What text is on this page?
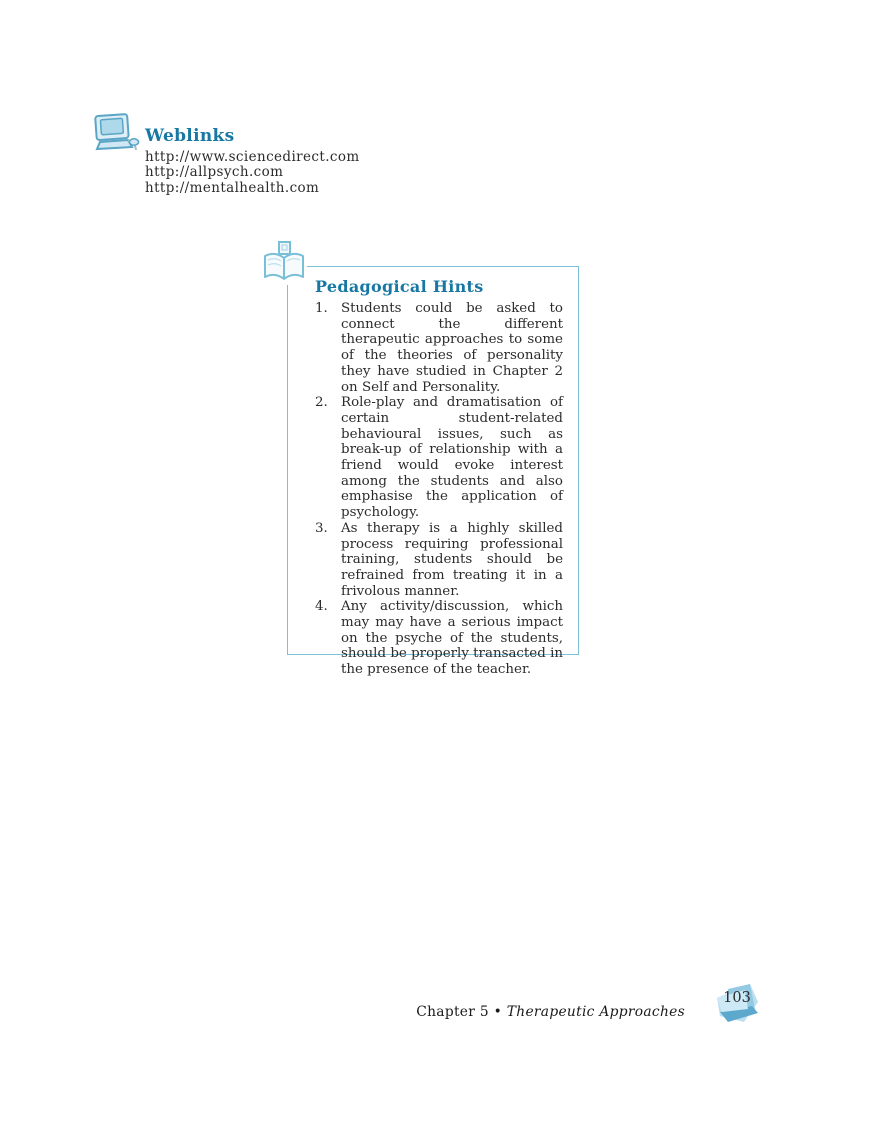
Weblinks
http://www.sciencedirect.com
http://allpsych.com
http://mentalhealth.com
Pedagogical Hints
1. Students could be asked to connect the different therapeutic approaches to some of the theories of personality they have studied in Chapter 2 on Self and Personality.
2. Role-play and dramatisation of certain student-related behavioural issues, such as break-up of relationship with a friend would evoke interest among the students and also emphasise the application of psychology.
3. As therapy is a highly skilled process requiring professional training, students should be refrained from treating it in a frivolous manner.
4. Any activity/discussion, which may may have a serious impact on the psyche of the students, should be properly transacted in the presence of the teacher.
Chapter 5 • Therapeutic Approaches
103
